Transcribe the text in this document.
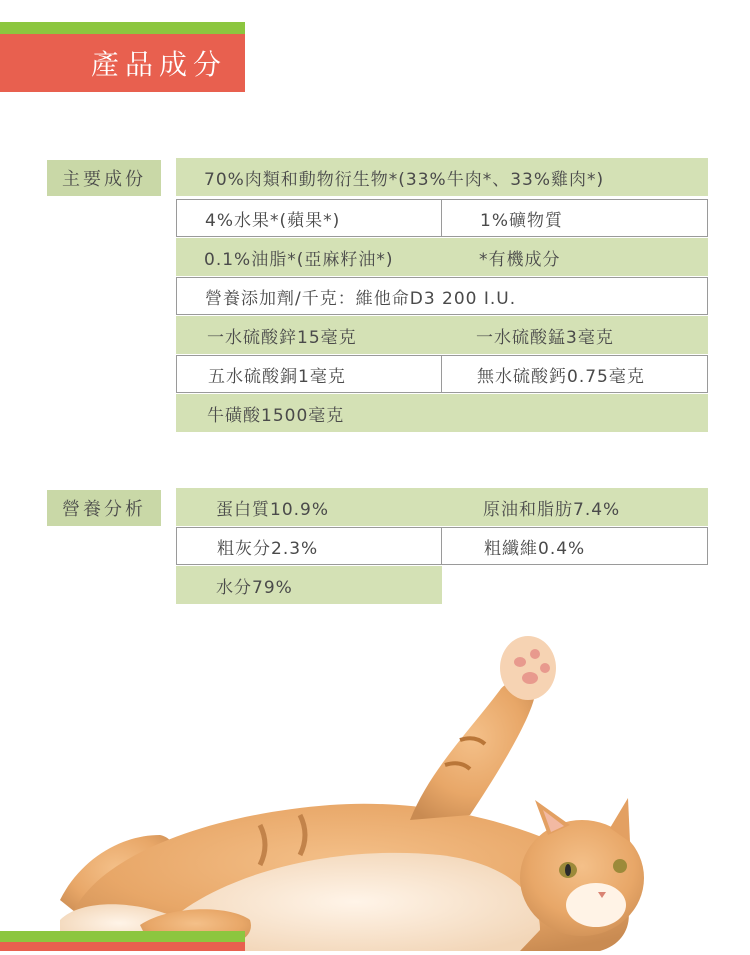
產品成分
主要成份	70%肉類和動物衍生物*(33%牛肉*、33%雞肉*)
4%水果*(蘋果*)	1%礦物質
0.1%油脂*(亞麻籽油*)	*有機成分
營養添加劑/千克：維他命D3 200 I.U.
一水硫酸鋅15毫克	一水硫酸錳3毫克
五水硫酸銅1毫克	無水硫酸鈣0.75毫克
牛磺酸1500毫克
營養分析	蛋白質10.9%	原油和脂肪7.4%
粗灰分2.3%	粗纖維0.4%
水分79%
